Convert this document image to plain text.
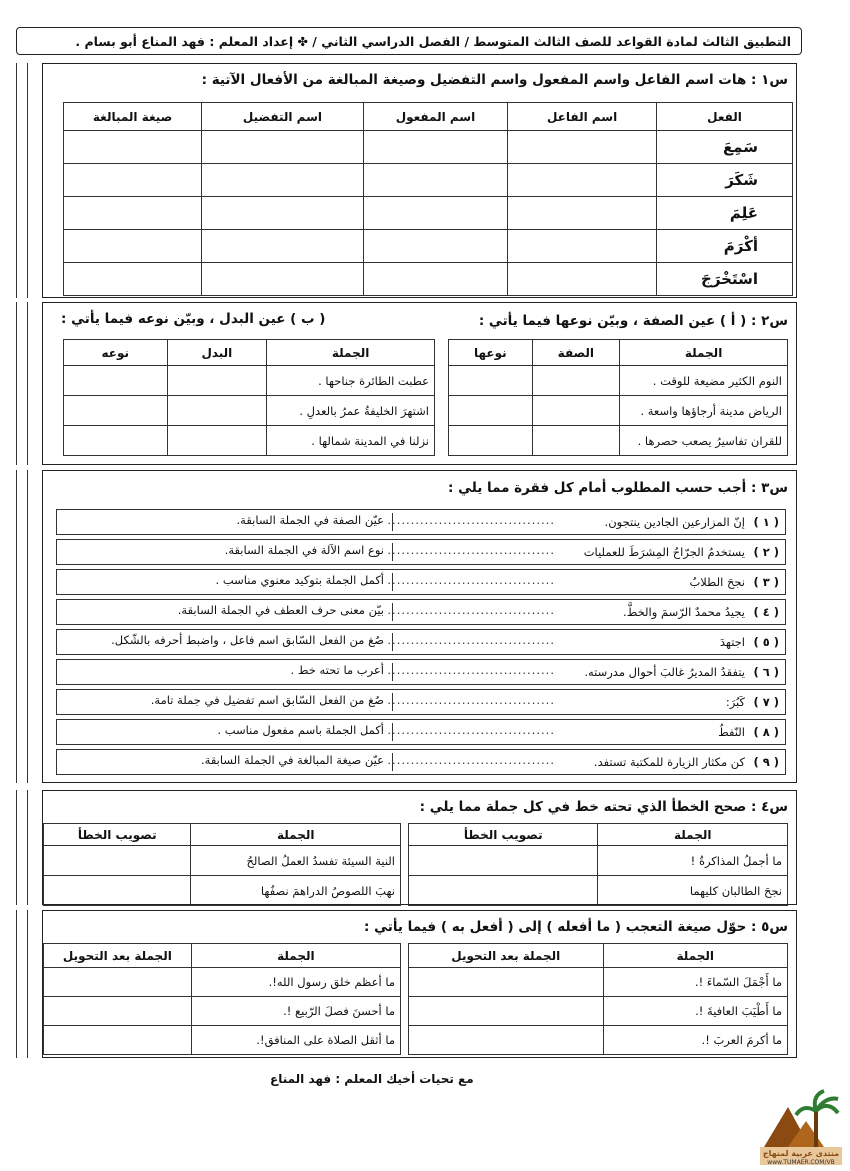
التطبيق الثالث لمادة القواعد للصف الثالث المتوسط / الفصل الدراسي الثاني / ✤ إعداد المعلم : فهد المناع أبو بسام .
س١ : هات اسم الفاعل واسم المفعول واسم التفضيل وصيغة المبالغة من الأفعال الآتية :
الفعل	اسم الفاعل	اسم المفعول	اسم التفضيل	صيغة المبالغة
سَمِعَ				
شَكَرَ				
عَلِمَ				
أكْرَمَ				
اسْتَخْرَجَ				
س٢ : ( أ ) عين الصفة ، وبيّن نوعها فيما يأتي :
( ب ) عين البدل ، وبيّن نوعه فيما يأتي :
الجملة	الصفة	نوعها
النوم الكثير مضيعة للوقت .		
الرياض مدينة أرجاؤها واسعة .		
للقران تفاسيرُ يصعب حصرها .		
الجملة	البدل	نوعه
عطبت الطائرة جناحها .		
اشتهرَ الخليفةُ عمرُ بالعدلِ .		
نزلنا في المدينة شمالها .		
س٣ : أجب حسب المطلوب أمام كل فقرة مما يلي :
( ١ )
إنّ المزارعين الجادين ينتجون.
....................................
عيّن الصفة في الجملة السابقة.
( ٢ )
يستخدمُ الجرّاحُ المِشرَطَ للعمليات
....................................
نوع اسم الآلة في الجملة السابقة.
( ٣ )
نجحَ الطلابُ
....................................
أكمل الجملة بتوكيد معنوي مناسب .
( ٤ )
يجيدُ محمدٌ الرّسمَ والخطَّ.
....................................
بيّن معنى حرف العطف في الجملة السابقة.
( ٥ )
اجتهدَ
....................................
صُغ من الفعل السّابق اسم فاعل ، واضبط أحرفه بالشّكل.
( ٦ )
يتفقدُ المديرُ غالبَ أحوال مدرسته.
....................................
أعرب ما تحته خط .
( ٧ )
كَبُرَ:
....................................
صُغ من الفعل السّابق اسم تفضيل في جملة تامة.
( ٨ )
النّفطُ
....................................
أكمل الجملة باسم مفعول مناسب .
( ٩ )
كن مكثار الزيارة للمكتبة تستفد.
....................................
عيّن صيغة المبالغة في الجملة السابقة.
س٤ : صحح الخطأ الذي تحته خط في كل جملة مما يلي :
الجملة	تصويب الخطأ
ما أجملُ المذاكرةُ !	
نجحَ الطالبان كليهما	
الجملة	تصويب الخطأ
النية السيئة تفسدُ العملُ الصالحُ	
نهبَ اللصوصُ الدراهمَ نصفُها	
س٥ : حوّل صيغة التعجب ( ما أفعله ) إلى ( أفعل به ) فيما يأتي :
الجملة	الجملة بعد التحويل
ما أَجْمَلَ السّماءَ !.	
ما أَطْيَبَ العافيةَ !.	
ما أكرمَ العربَ !.	
الجملة	الجملة بعد التحويل
ما أعظم خلق رسول الله!.	
ما أحسنَ فصلَ الرّبيع !.	
ما أثقل الصلاة على المنافق!.	
مع تحيات أخيك المعلم : فهد المناع
منتدى عربية لمنهاج
www.TUMAER.COM/VB
